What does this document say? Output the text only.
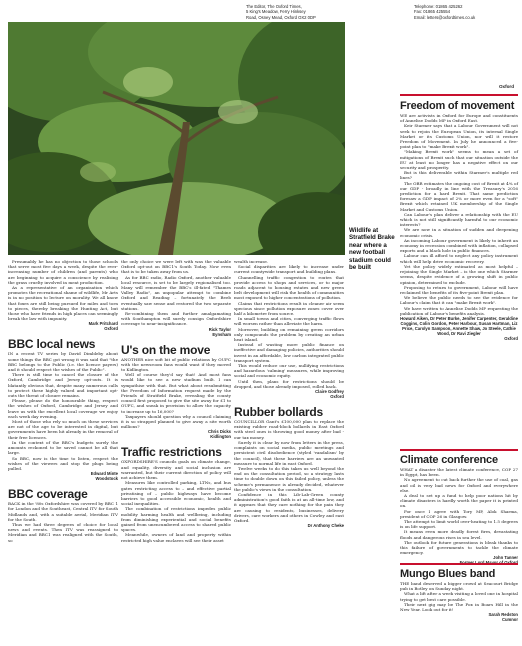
The Editor, The Oxford Times,
5 King's Meadow, Ferry Hinksey
Road, Osney Mead, Oxford OX2 0DP
Telephone: 01865 425262
Fax: 01865 425554
Email: letters@oxfordtimes.co.uk
Oxford
Wildlife at Stratfield Brake near where a new football stadium could be built

Presumably he has no objection to those schools that serve most five days a week, despite the ever-increasing number of children (and parents) who are beginning to acquire a conscience by realising the grass cruelty involved in meat production.

As a representative of an organisation which promotes the recreational shame of wildlife, Mr Arts is in no position to lecture on morality. We all know that foxes are still being pursued for miles and torn to pieces, thereby breaking the Hunting Act, but those who have friends in high places can seemingly break the law with impunity.

Mark Pritchard
Oxford
BBC local news

IN a recent TV series by David Dimbleby about some things the BBC got wrong it was said that "the BBC belongs to the Public (i.e. the licence payers) and it should respect the wishes of the Public".

There is still time to cancel the closure of the Oxford, Cambridge and Jersey opt-outs. It is blatantly obvious that, despite many numerous calls to protect these highly valued and important opt-outs the threat of closure remains.

Please, please do the honourable thing, respect the wishes of Oxford, Cambridge and Jersey and leave us with the excellent local coverage we enjoy each week day evening.

Most of those who rely so much on these services are not of the age to be interested in digital, but governments have been hit already in the removal of their free licences.

In the context of the BBC's budgets surely the amounts reckoned to be saved cannot be all that large.

So BBC, now is the time to listen, respect the wishes of the viewers and stop the plugs being pulled.

Edward Minte
Woodstock
BBC coverage

BACK in the '80s Oxfordshire was covered by BBC 1 for London and the Southeast, Central ITV for South Midlands and, with a suitable aerial, Meridian ITV for the South.

Thus we had three degrees of choice for local news and events. Then ITV was reassigned to Meridian and BBC1 was realigned with the South, so

the only choice we were left with was the valuable Oxford opt-out on BBC1's South Today. Now even that is to be taken away from us.

As for BBC radio, Radio Oxford, another valuable local resource, is set to be largely regionalised too. Many will remember the BBC's ill-fated "Thames Valley Radio", an unpopular attempt to combine Oxford and Reading – fortunately the Beeb eventually saw sense and restored the two separate stations.

Re-combining them and further amalgamating with Southampton will surely consign Oxfordshire coverage to near-insignificance.

Rick Taylor
Eynsham
U's on the move

ANOTHER nice soft bit of public relations by OUFC with the newsroom fans would want if they moved to Kidlington.

Well of course they'd say that! And most fans would like to see a new stadium built. I can sympathise with that. But what about resubmitting the Freedom of Information request made by the Friends of Stratfield Brake, revealing the county council first proposed to give the site away for £1 to OUFC, and sneak in provision to allow the capacity to increase up to 16,000?

Taxpayers should question why a council claiming it is so strapped planned to give away a site worth millions?

Chris Dicks
Kidlington
Traffic restrictions

OXFORDSHIRE'S councils goals on climate change, and equality, diversity and social inclusion are warranted, but their current direction of policy will not achieve them.

Measures like controlled parking, LTNs, and bus gates restricting access to – and effective partial privatising of – public highways have become barriers to good accessible economic, health and social inequalities.

The combination of restrictions impedes public mobility harming health and wellbeing, including from diminishing experiential and social benefits gained from unencumbered access to shared public spaces.

Meanwhile, owners of land and property within restricted high value enclaves will see their asset

wealth increase.

Social disparities are likely to increase under current countywide transport and building plans.

Channelling traffic congestion to routes that provide access to shops and services, or to major roads adjacent to housing estates and new green belt development will risk the health of communities most exposed to higher concentrations of pollution.

Claims that restrictions result in cleaner air seem specious since pollution exposure zones cover over half a kilometre from source.

In small towns and cities, converging traffic flows will worsen rather than alleviate the harm.

Moreover, building on remaining green corridors only compounds the problem by creating an urban heat island.

Instead of wasting more public finance on ineffective and damaging policies, authorities should invest in an affordable, low carbon integrated public transport system.

This would reduce our use, nullifying restrictions and hazardous 'calming' measures, while improving social and economic equity.

Until then, plans for restrictions should be dropped, and those already imposed, rolled back.

Claire Godfrey
Oxford
Rubber bollards

COUNCILLOR Gant's £100,000 plan to replace the existing rubber road-block bollards in East Oxford with steel ones is throwing good money after bad - our tax money.

Surely it is clear by now from letters in the press, complaints on social media, public meetings and persistent civil disobedience (styled 'vandalism' by the council), that these barriers are an unwanted measure to normal life in east Oxford.

Twelve weeks to do this takes us well beyond the end on the consultation period, so a strategy lasts time to double down on this failed policy, unless the scheme's permanence is already decided, whatever the public's views in the consultation.

Confidence in this Lib-Lab-Green county administration's good faith is at an all-time low, and it appears that they care nothing for the pain they are causing to residents, businesses, delivery drivers, care workers and others in Cowley and east Oxford.

Dr Anthony Cheke
Freedom of movement

WE are activists in Oxford for Europe and constituents of Annelise Dodds MP in Oxford East.

Keir Starmer says that a Labour Government will not seek to rejoin the European Union, its internal Single Market or its Customs Union, nor will it restore Freedom of Movement. In July he announced a five-point plan to "make Brexit work".

"Making Brexit work" seems to mean a set of mitigations of Brexit such that our situation outside the EU at least no longer has a negative effect on our security and prosperity.

But is this deliverable within Starmer's multiple red lines?

The OBR estimates the ongoing cost of Brexit at 4% of our GDP - broadly in line with the Treasury's 2016 prediction for a hard Brexit. That same prediction foresaw a GDP impact of 2% or more even for a "soft" Brexit which retained UK membership of the Single Market and Customs Union.

Can Labour's plan deliver a relationship with the EU which is not still significantly harmful to our economic interests?

We are now in a situation of sudden and deepening economic crisis.

An incoming Labour government is likely to inherit an economy in recession combined with inflation, collapsed exports and a black hole in public finances.

Labour can ill afford to neglect any policy instrument which will help drive economic recovery.

Yet the policy widely estimated as most helpful – rejoining the Single Market – is the one which Starmer seems, despite evidence of a growing shift in public opinion, determined to exclude.

Proposing to return to government, Labour will have reclaimed the benefits of its five-point Brexit plan.

We believe the public needs to see the evidence for Labour's claim that it can "make Brexit work".

We have written to Annelise Dodds MP requesting the publication of Labour's benefits analysis.

Howard Aiken, Dr Peter Burke, Jenifer Carpenter, Geraldine Coggins, Colin Gordon, Peter Harbour, Susan Hartman, Liz Price, Carolyn Sampson, Annette Shaw, Jo Steele, Cathie Wood, Dr Ravi Ziegler
Oxford
Climate conference

WHAT a disaster the latest climate conference, COP 27 in Egypt, has been.

No agreement to cut back further the use of coal, gas and oil is very bad news for Oxford and everywhere else.

A deal to set up a fund to help poor nations hit by climate disasters is hardly worth the paper it is printed on.

For once I agree with Tory MP, Alok Sharma, president of COP 26 in Glasgow.

The attempt to limit world over-heating to 1.5 degrees is on life support.

It means even more deadly forest fires, devastating floods and dangerous rises in sea level.

The outlook for future generations is bleak thanks to this failure of governments to tackle the climate emergency.

John Tanner
Mungo Blues band

THE band deserved a bigger crowd at Seacourt Bridge pub in Botley on Sunday night.

What a lift after a week visiting a loved one in hospital trying to get best care possible.

Their next gig may be The Fox in Boars Hill in the New Year. Look out for it!

Sarah Redston
Cumnor
